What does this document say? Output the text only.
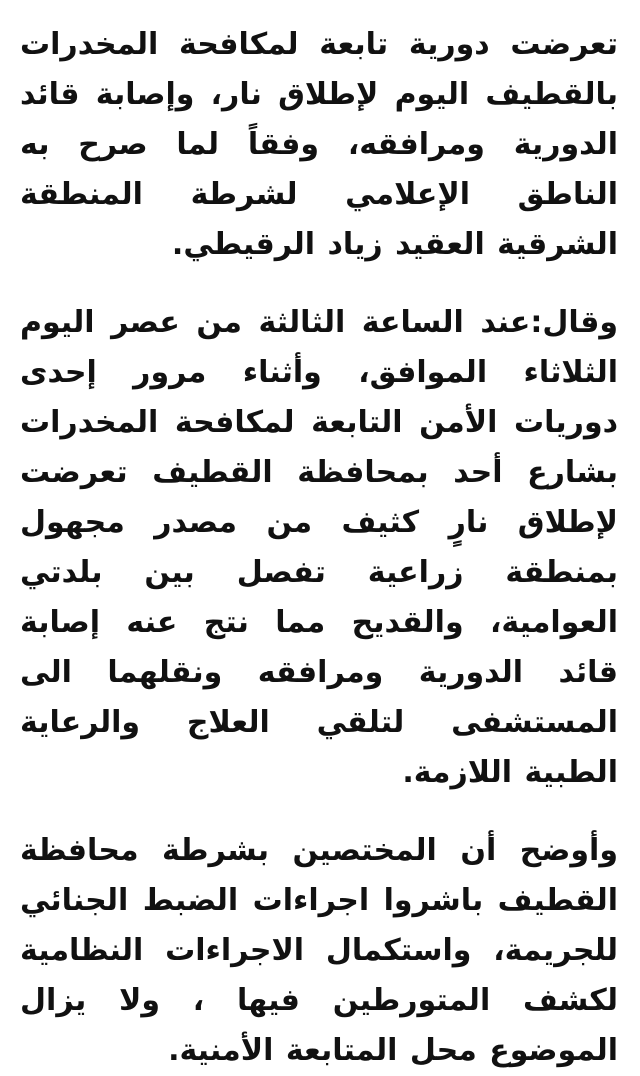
تعرضت دورية تابعة لمكافحة المخدرات بالقطيف اليوم لإطلاق نار، وإصابة قائد الدورية ومرافقه، وفقاً لما صرح به الناطق الإعلامي لشرطة المنطقة الشرقية العقيد زياد الرقيطي.

وقال:عند الساعة الثالثة من عصر اليوم الثلاثاء الموافق، وأثناء مرور إحدى دوريات الأمن التابعة لمكافحة المخدرات بشارع أحد بمحافظة القطيف تعرضت لإطلاق نارٍ كثيف من مصدر مجهول بمنطقة زراعية تفصل بين بلدتي العوامية، والقديح مما نتج عنه إصابة قائد الدورية ومرافقه ونقلهما الى المستشفى لتلقي العلاج والرعاية الطبية اللازمة.

وأوضح أن المختصين بشرطة محافظة القطيف باشروا اجراءات الضبط الجنائي للجريمة، واستكمال الاجراءات النظامية لكشف المتورطين فيها ، ولا يزال الموضوع محل المتابعة الأمنية.
